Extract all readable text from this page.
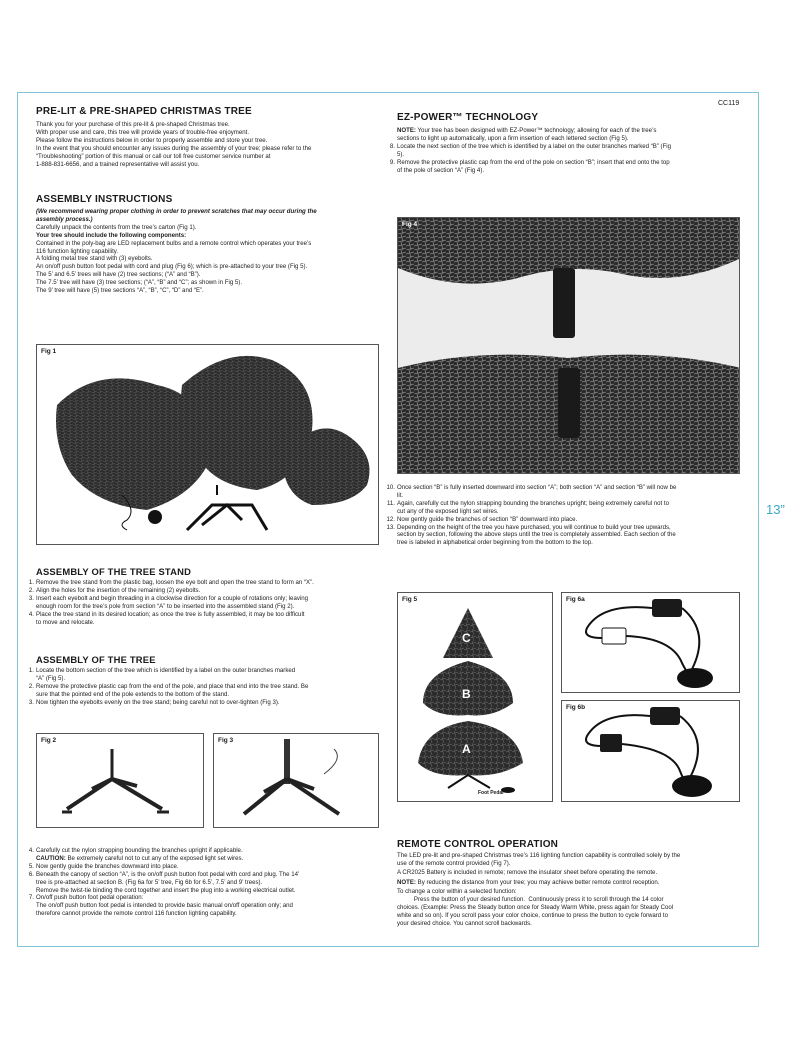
CC119
13”
PRE-LIT & PRE-SHAPED CHRISTMAS TREE
Thank you for your purchase of this pre-lit & pre-shaped Christmas tree.
With proper use and care, this tree will provide years of trouble-free enjoyment.
Please follow the instructions below in order to properly assemble and store your tree.
In the event that you should encounter any issues during the assembly of your tree; please refer to the
“Troubleshooting” portion of this manual or call our toll free customer service number at
1-888-831-6656, and a trained representative will assist you.
ASSEMBLY INSTRUCTIONS
(We recommend wearing proper clothing in order to prevent scratches that may occur during the
assembly process.)
Carefully unpack the contents from the tree’s carton (Fig 1).
Your tree should include the following components:
Contained in the poly-bag are LED replacement bulbs and a remote control which operates your tree’s
116 function lighting capability.
A folding metal tree stand with (3) eyebolts.
An on/off push button foot pedal with cord and plug (Fig 6); which is pre-attached to your tree (Fig 5).
The 5’ and 6.5’ trees will have (2) tree sections; (“A” and “B”).
The 7.5’ tree will have (3) tree sections; (“A”, “B” and “C”; as shown in Fig 5).
The 9’ tree will have (5) tree sections “A”, “B”, “C”, “D” and “E”.
Fig 1
ASSEMBLY OF THE TREE STAND
1. Remove the tree stand from the plastic bag, loosen the eye bolt and open the tree stand to form an “X”.
2. Align the holes for the insertion of the remaining (2) eyebolts.
3. Insert each eyebolt and begin threading in a clockwise direction for a couple of rotations only; leaving
enough room for the tree’s pole from section “A” to be inserted into the assembled stand (Fig 2).
4. Place the tree stand in its desired location; as once the tree is fully assembled, it may be too difficult
to move and relocate.
ASSEMBLY OF THE TREE
1. Locate the bottom section of the tree which is identified by a label on the outer branches marked
“A” (Fig 5).
2. Remove the protective plastic cap from the end of the pole, and place that end into the tree stand. Be
sure that the pointed end of the pole extends to the bottom of the stand.
3. Now tighten the eyebolts evenly on the tree stand; being careful not to over-tighten (Fig 3).
Fig 2	Fig 3
4. Carefully cut the nylon strapping bounding the branches upright if applicable.
CAUTION: Be extremely careful not to cut any of the exposed light set wires.
5. Now gently guide the branches downward into place.
6. Beneath the canopy of section “A”, is the on/off push button foot pedal with cord and plug. The 14’
tree is pre-attached at section B. (Fig 6a for 5’ tree, Fig 6b for 6.5’, 7.5’ and 9’ trees).
Remove the twist-tie binding the cord together and insert the plug into a working electrical outlet.
7. On/off push button foot pedal operation:
The on/off push button foot pedal is intended to provide basic manual on/off operation only; and
therefore cannot provide the remote control 116 function lighting capability.
EZ-POWER™ TECHNOLOGY
NOTE: Your tree has been designed with EZ-Power™ technology; allowing for each of the tree’s
sections to light up automatically, upon a firm insertion of each lettered section (Fig 5).
8. Locate the next section of the tree which is identified by a label on the outer branches marked “B” (Fig
5).
9. Remove the protective plastic cap from the end of the pole on section “B”; insert that end onto the top
of the pole of section “A” (Fig 4).
Fig 4
10. Once section “B” is fully inserted downward into section “A”; both section “A” and section “B” will now be
lit.
11. Again, carefully cut the nylon strapping bounding the branches upright; being extremely careful not to
cut any of the exposed light set wires.
12. Now gently guide the branches of section “B” downward into place.
13. Depending on the height of the tree you have purchased, you will continue to build your tree upwards,
section by section, following the above steps until the tree is completely assembled. Each section of the
tree is labeled in alphabetical order beginning from the bottom to the top.
Fig 5
C
B
A
Foot Pedal
Fig 6a
Fig 6b
REMOTE CONTROL OPERATION
The LED pre-lit and pre-shaped Christmas tree’s 116 lighting function capability is controlled solely by the
use of the remote control provided (Fig 7).
A CR2025 Battery is included in remote; remove the insulator sheet before operating the remote.
NOTE: By reducing the distance from your tree; you may achieve better remote control reception.
To change a color within a selected function:
Press the button of your desired function.  Continuously press it to scroll through the 14 color
choices. (Example: Press the Steady button once for Steady Warm White, press again for Steady Cool
white and so on). If you scroll pass your color choice, continue to press the button to cycle forward to
your desired choice. You cannot scroll backwards.
